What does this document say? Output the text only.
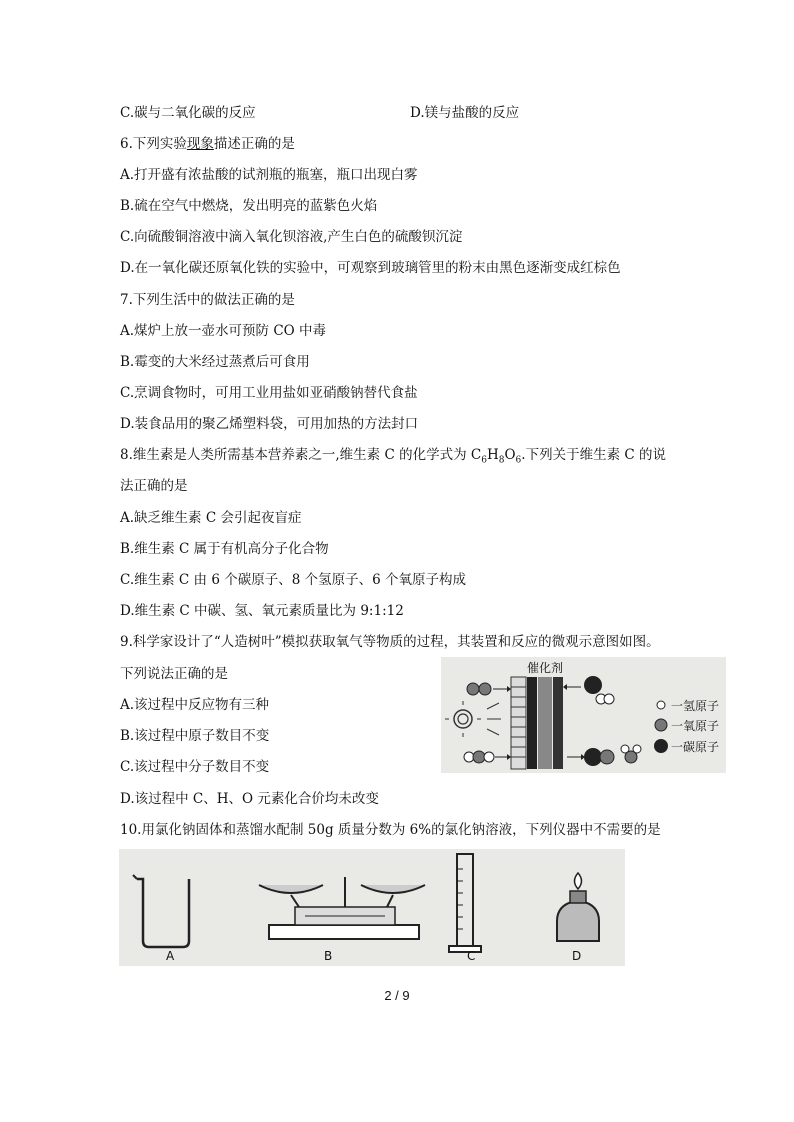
C.碳与二氧化碳的反应	D.镁与盐酸的反应
6.下列实验现象描述正确的是
A.打开盛有浓盐酸的试剂瓶的瓶塞，瓶口出现白雾
B.硫在空气中燃烧，发出明亮的蓝紫色火焰
C.向硫酸铜溶液中滴入氧化钡溶液,产生白色的硫酸钡沉淀
D.在一氧化碳还原氧化铁的实验中，可观察到玻璃管里的粉末由黑色逐渐变成红棕色
7.下列生活中的做法正确的是
A.煤炉上放一壶水可预防 CO 中毒
B.霉变的大米经过蒸煮后可食用
C.烹调食物时，可用工业用盐如亚硝酸钠替代食盐
D.装食品用的聚乙烯塑料袋，可用加热的方法封口
8.维生素是人类所需基本营养素之一,维生素 C 的化学式为 $C_6H_8O_6$.下列关于维生素 C 的说
法正确的是
A.缺乏维生素 C 会引起夜盲症
B.维生素 C 属于有机高分子化合物
C.维生素 C 由 6 个碳原子、8 个氢原子、6 个氧原子构成
D.维生素 C 中碳、氢、氧元素质量比为 9:1:12
9.科学家设计了“人造树叶”模拟获取氧气等物质的过程，其装置和反应的微观示意图如图。
下列说法正确的是
A.该过程中反应物有三种
B.该过程中原子数目不变
C.该过程中分子数目不变
D.该过程中 C、H、O 元素化合价均未改变
催化剂
一氢原子
一氧原子
一碳原子
10.用氯化钠固体和蒸馏水配制 50g 质量分数为 6%的氯化钠溶液，下列仪器中不需要的是
A	B	C	D
2 / 9
